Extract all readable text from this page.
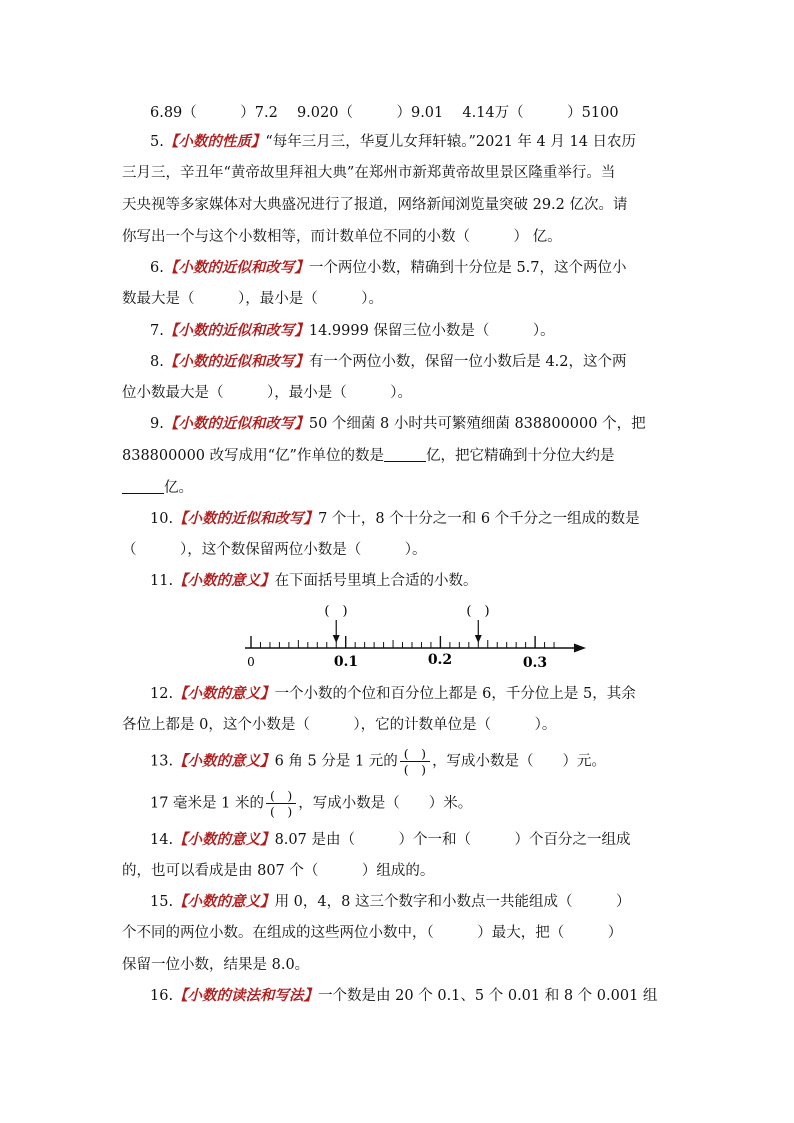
6.89（　　　）7.2　 9.020（　　　）9.01　 4.14万（　　　）5100
5.【小数的性质】“每年三月三，华夏儿女拜轩辕。”2021 年 4 月 14 日农历
三月三，辛丑年“黄帝故里拜祖大典”在郑州市新郑黄帝故里景区隆重举行。当
天央视等多家媒体对大典盛况进行了报道，网络新闻浏览量突破 29.2 亿次。请
你写出一个与这个小数相等，而计数单位不同的小数（　　　） 亿。
6.【小数的近似和改写】一个两位小数，精确到十分位是 5.7，这个两位小
数最大是（　　　），最小是（　　　）。
7.【小数的近似和改写】14.9999 保留三位小数是（　　　）。
8.【小数的近似和改写】有一个两位小数，保留一位小数后是 4.2，这个两
位小数最大是（　　　），最小是（　　　）。
9.【小数的近似和改写】50 个细菌 8 小时共可繁殖细菌 838800000 个，把
838800000 改写成用“亿”作单位的数是	亿，把它精确到十分位大约是
亿。
10.【小数的近似和改写】7 个十，8 个十分之一和 6 个千分之一组成的数是
（　　　），这个数保留两位小数是（　　　）。
11.【小数的意义】在下面括号里填上合适的小数。
0	0.1	0.2	0.3
(　)	(　)
12.【小数的意义】一个小数的个位和百分位上都是 6，千分位上是 5，其余
各位上都是 0，这个小数是（　　　），它的计数单位是（　　　）。
13.【小数的意义】6 角 5 分是 1 元的 $\frac{( )}{( )}$ ，写成小数是（　　）元。
17 毫米是 1 米的 $\frac{( )}{( )}$ ，写成小数是（　　）米。
14.【小数的意义】8.07 是由（　　　）个一和（　　　）个百分之一组成
的，也可以看成是由 807 个（　　　）组成的。
15.【小数的意义】用 0，4，8 这三个数字和小数点一共能组成（　　　）
个不同的两位小数。在组成的这些两位小数中，（　　　）最大，把（　　　）
保留一位小数，结果是 8.0。
16.【小数的读法和写法】一个数是由 20 个 0.1、5 个 0.01 和 8 个 0.001 组
